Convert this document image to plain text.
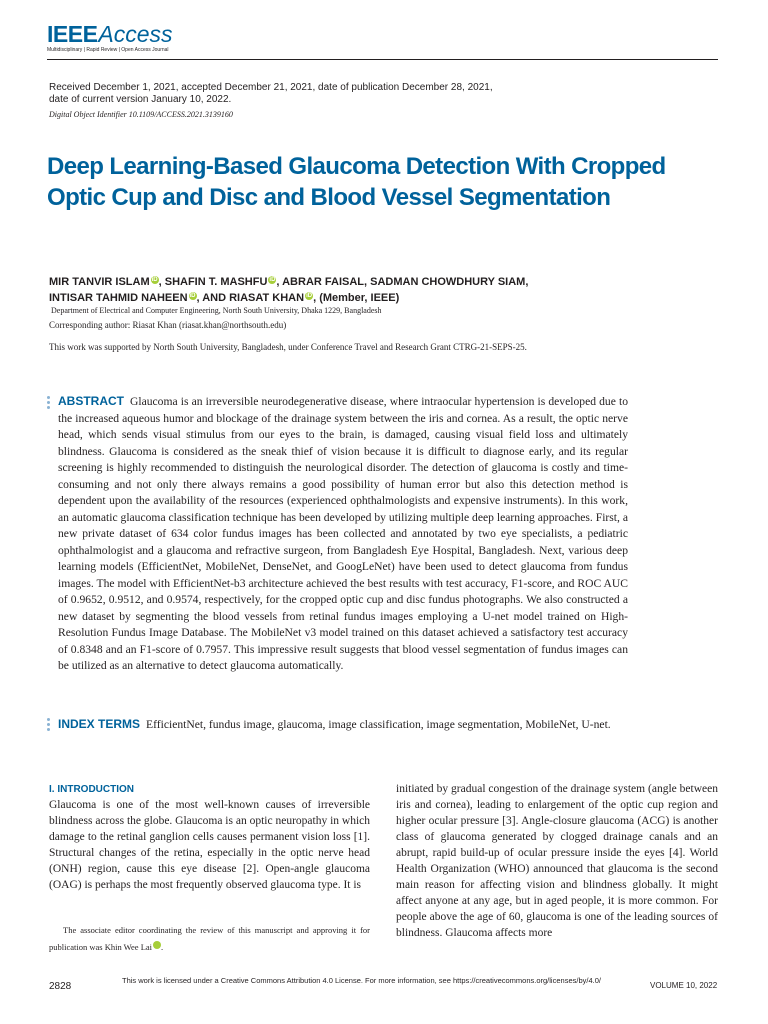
IEEEAccess
Multidisciplinary | Rapid Review | Open Access Journal
Received December 1, 2021, accepted December 21, 2021, date of publication December 28, 2021,
date of current version January 10, 2022.
Digital Object Identifier 10.1109/ACCESS.2021.3139160
Deep Learning-Based Glaucoma Detection With Cropped Optic Cup and Disc and Blood Vessel Segmentation
MIR TANVIR ISLAM iD, SHAFIN T. MASHFU iD, ABRAR FAISAL, SADMAN CHOWDHURY SIAM,
INTISAR TAHMID NAHEEN iD, AND RIASAT KHAN iD, (Member, IEEE)
Department of Electrical and Computer Engineering, North South University, Dhaka 1229, Bangladesh
Corresponding author: Riasat Khan (riasat.khan@northsouth.edu)
This work was supported by North South University, Bangladesh, under Conference Travel and Research Grant CTRG-21-SEPS-25.
ABSTRACT Glaucoma is an irreversible neurodegenerative disease, where intraocular hypertension is developed due to the increased aqueous humor and blockage of the drainage system between the iris and cornea. As a result, the optic nerve head, which sends visual stimulus from our eyes to the brain, is damaged, causing visual field loss and ultimately blindness. Glaucoma is considered as the sneak thief of vision because it is difficult to diagnose early, and its regular screening is highly recommended to distinguish the neurological disorder. The detection of glaucoma is costly and time-consuming and not only there always remains a good possibility of human error but also this detection method is dependent upon the availability of the resources (experienced ophthalmologists and expensive instruments). In this work, an automatic glaucoma classification technique has been developed by utilizing multiple deep learning approaches. First, a new private dataset of 634 color fundus images has been collected and annotated by two eye specialists, a pediatric ophthalmologist and a glaucoma and refractive surgeon, from Bangladesh Eye Hospital, Bangladesh. Next, various deep learning models (EfficientNet, MobileNet, DenseNet, and GoogLeNet) have been used to detect glaucoma from fundus images. The model with EfficientNet-b3 architecture achieved the best results with test accuracy, F1-score, and ROC AUC of 0.9652, 0.9512, and 0.9574, respectively, for the cropped optic cup and disc fundus photographs. We also constructed a new dataset by segmenting the blood vessels from retinal fundus images employing a U-net model trained on High-Resolution Fundus Image Database. The MobileNet v3 model trained on this dataset achieved a satisfactory test accuracy of 0.8348 and an F1-score of 0.7957. This impressive result suggests that blood vessel segmentation of fundus images can be utilized as an alternative to detect glaucoma automatically.
INDEX TERMS EfficientNet, fundus image, glaucoma, image classification, image segmentation, MobileNet, U-net.
I. INTRODUCTION
Glaucoma is one of the most well-known causes of irreversible blindness across the globe. Glaucoma is an optic neuropathy in which damage to the retinal ganglion cells causes permanent vision loss [1]. Structural changes of the retina, especially in the optic nerve head (ONH) region, cause this eye disease [2]. Open-angle glaucoma (OAG) is perhaps the most frequently observed glaucoma type. It is
initiated by gradual congestion of the drainage system (angle between iris and cornea), leading to enlargement of the optic cup region and higher ocular pressure [3]. Angle-closure glaucoma (ACG) is another class of glaucoma generated by clogged drainage canals and an abrupt, rapid build-up of ocular pressure inside the eyes [4]. World Health Organization (WHO) announced that glaucoma is the second main reason for affecting vision and blindness globally. It might affect anyone at any age, but in aged people, it is more common. For people above the age of 60, glaucoma is one of the leading sources of blindness. Glaucoma affects more
The associate editor coordinating the review of this manuscript and approving it for publication was Khin Wee Lai	iD.
2828
This work is licensed under a Creative Commons Attribution 4.0 License. For more information, see https://creativecommons.org/licenses/by/4.0/
VOLUME 10, 2022
